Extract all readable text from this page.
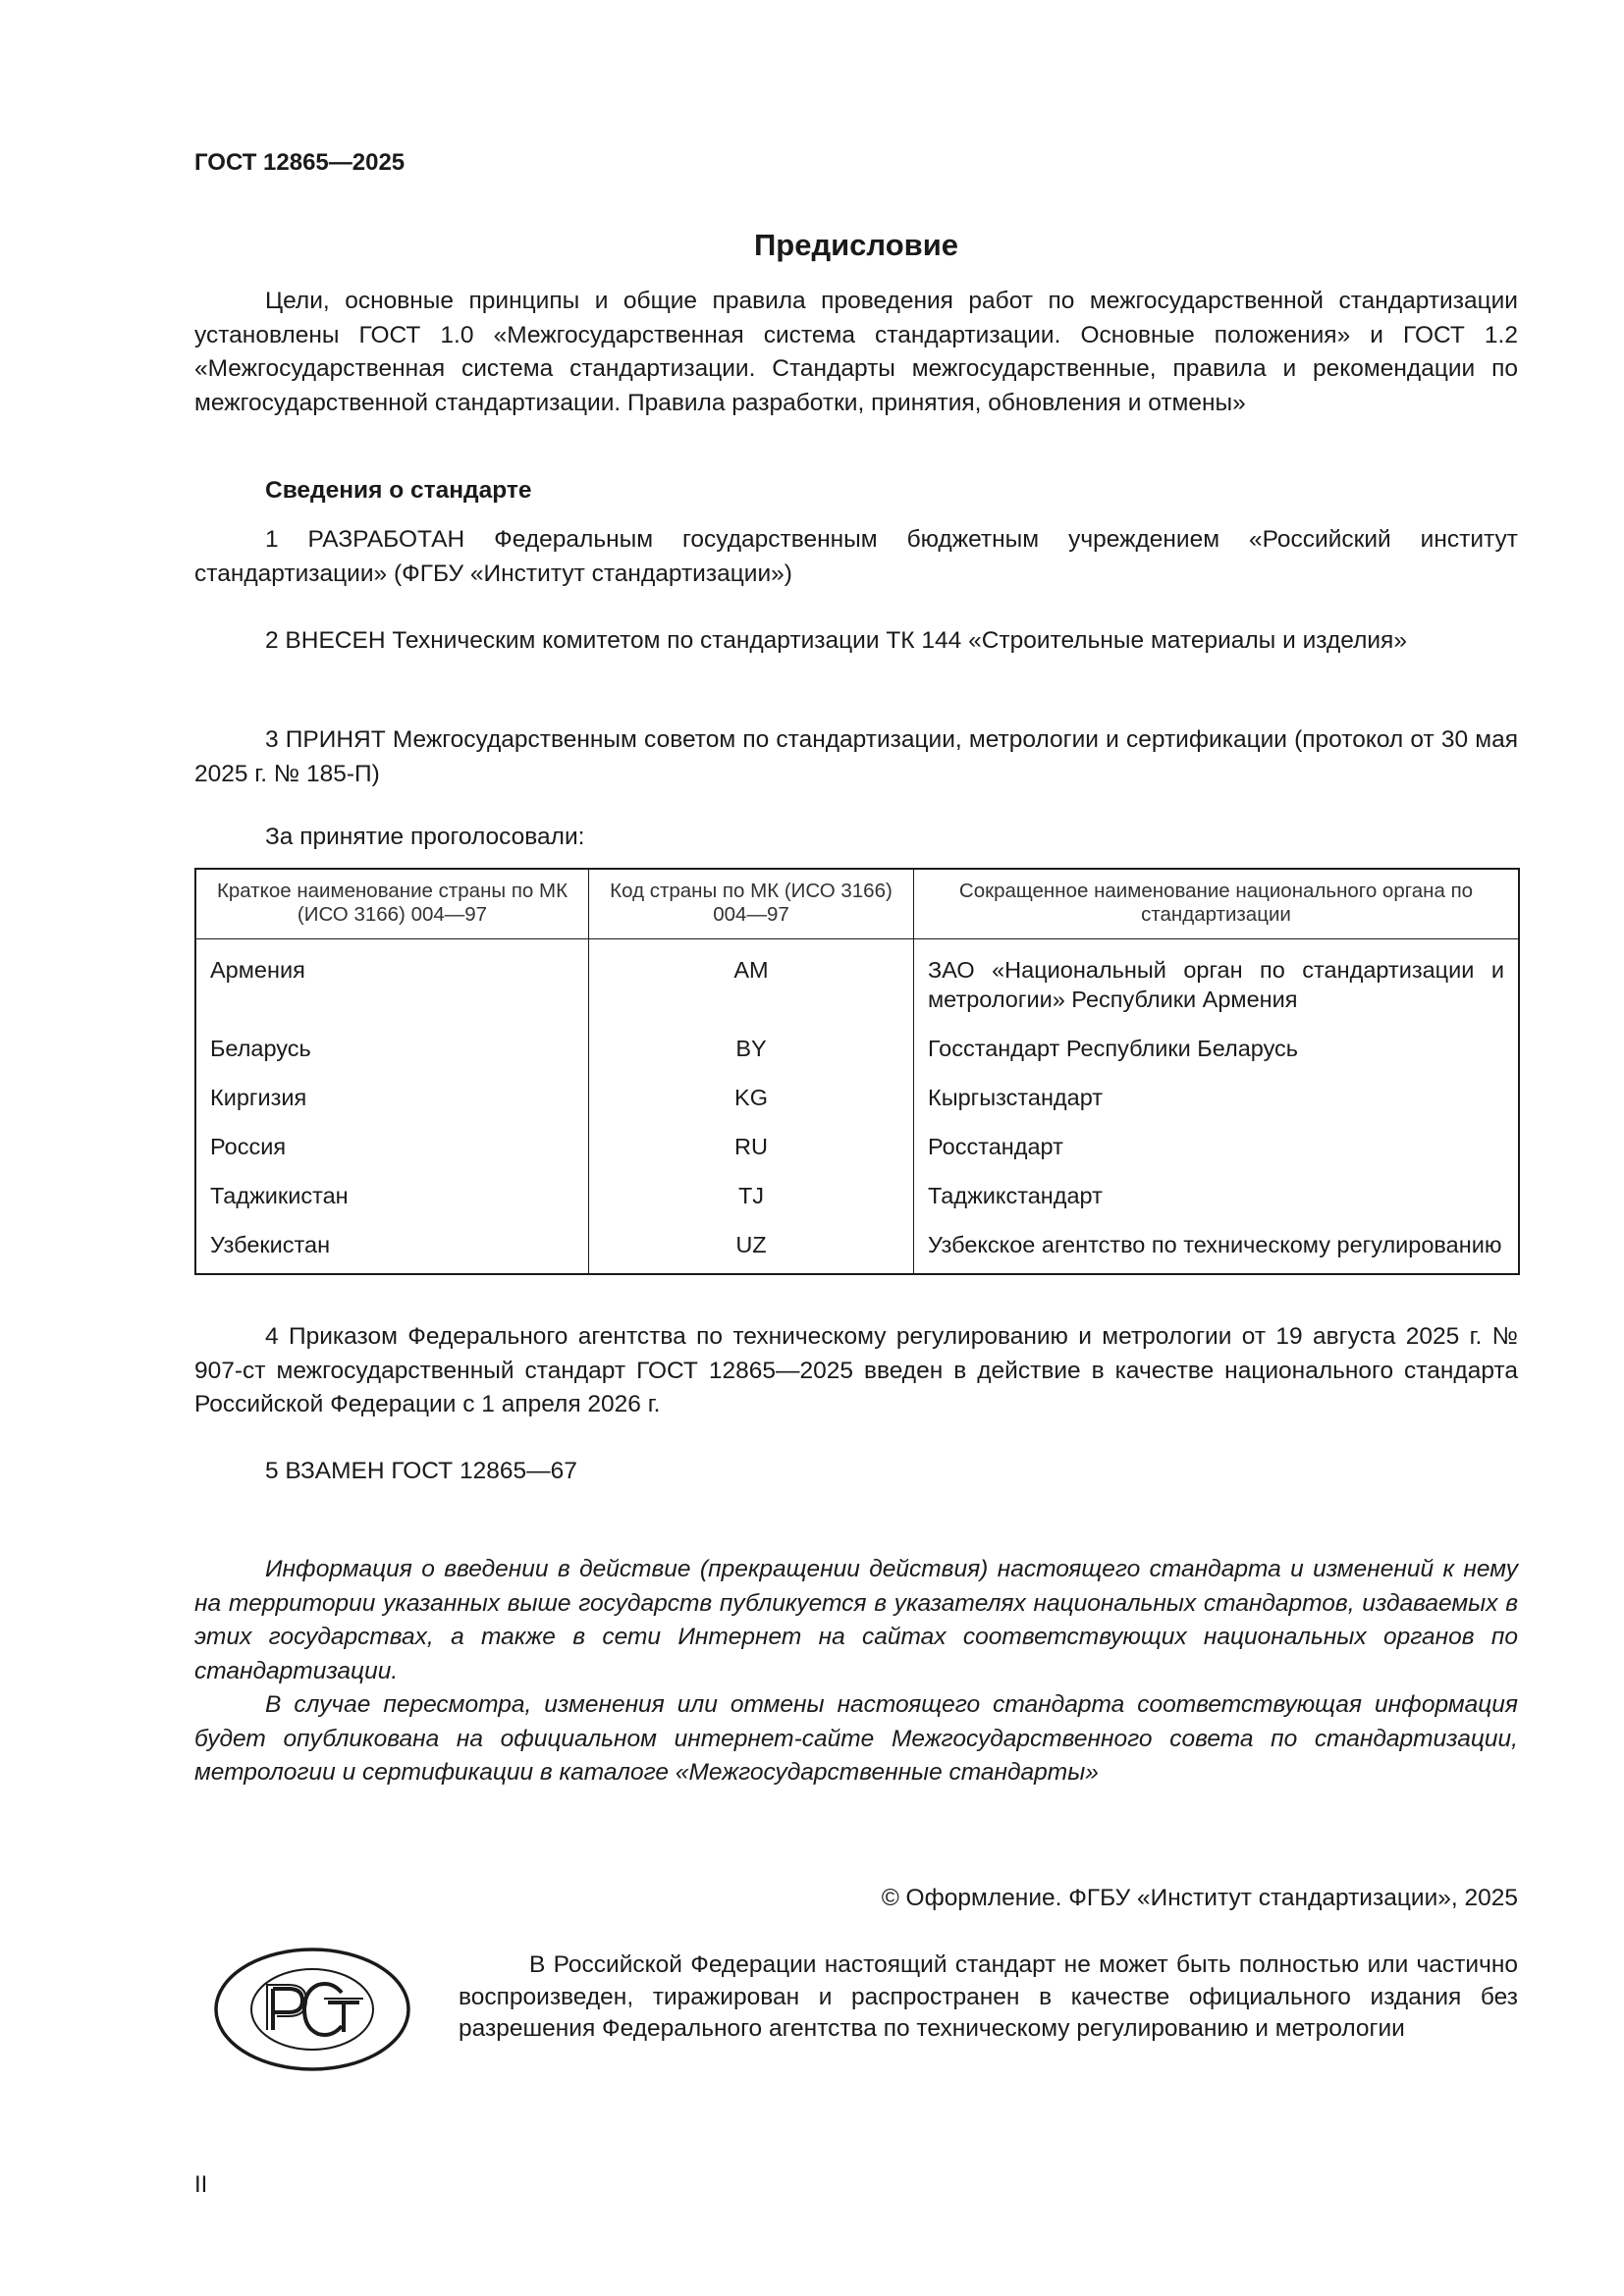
ГОСТ 12865—2025
Предисловие

Цели, основные принципы и общие правила проведения работ по межгосударственной стандартизации установлены ГОСТ 1.0 «Межгосударственная система стандартизации. Основные положения» и ГОСТ 1.2 «Межгосударственная система стандартизации. Стандарты межгосударственные, правила и рекомендации по межгосударственной стандартизации. Правила разработки, принятия, обновления и отмены»

Сведения о стандарте

1 РАЗРАБОТАН Федеральным государственным бюджетным учреждением «Российский институт стандартизации» (ФГБУ «Институт стандартизации»)

2 ВНЕСЕН Техническим комитетом по стандартизации ТК 144 «Строительные материалы и изделия»

3 ПРИНЯТ Межгосударственным советом по стандартизации, метрологии и сертификации (протокол от 30 мая 2025 г. № 185-П)

За принятие проголосовали:
Краткое наименование страны по МК (ИСО 3166) 004—97	Код страны по МК (ИСО 3166) 004—97	Сокращенное наименование национального органа по стандартизации
Армения	AM	ЗАО «Национальный орган по стандартизации и метрологии» Республики Армения
Беларусь	BY	Госстандарт Республики Беларусь
Киргизия	KG	Кыргызстандарт
Россия	RU	Росстандарт
Таджикистан	TJ	Таджикстандарт
Узбекистан	UZ	Узбекское агентство по техническому регулированию

4 Приказом Федерального агентства по техническому регулированию и метрологии от 19 августа 2025 г. № 907-ст межгосударственный стандарт ГОСТ 12865—2025 введен в действие в качестве национального стандарта Российской Федерации с 1 апреля 2026 г.

5 ВЗАМЕН ГОСТ 12865—67

Информация о введении в действие (прекращении действия) настоящего стандарта и изменений к нему на территории указанных выше государств публикуется в указателях национальных стандартов, издаваемых в этих государствах, а также в сети Интернет на сайтах соответствующих национальных органов по стандартизации.

В случае пересмотра, изменения или отмены настоящего стандарта соответствующая информация будет опубликована на официальном интернет-сайте Межгосударственного совета по стандартизации, метрологии и сертификации в каталоге «Межгосударственные стандарты»

© Оформление. ФГБУ «Институт стандартизации», 2025

В Российской Федерации настоящий стандарт не может быть полностью или частично воспроизведен, тиражирован и распространен в качестве официального издания без разрешения Федерального агентства по техническому регулированию и метрологии

II
